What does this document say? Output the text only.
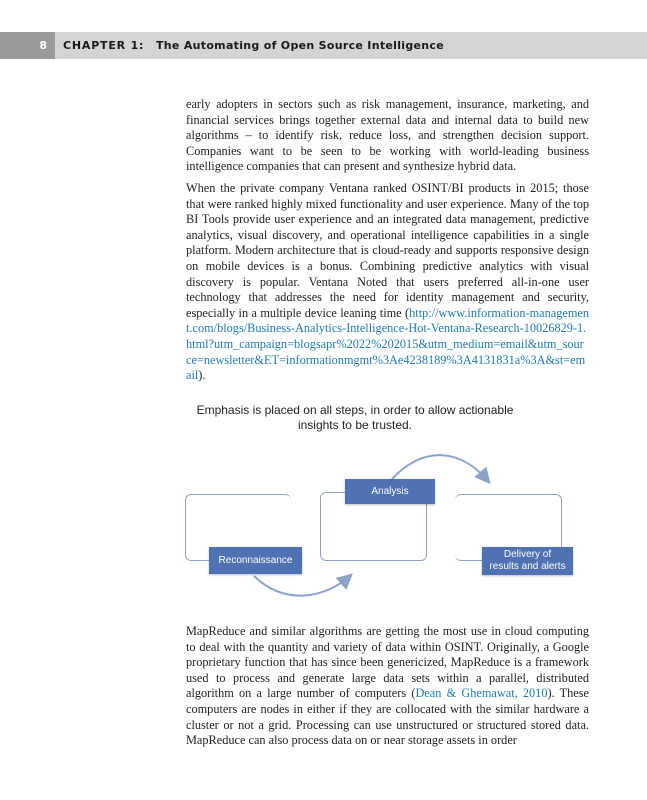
8	CHAPTER 1: The Automating of Open Source Intelligence

early adopters in sectors such as risk management, insurance, marketing, and financial services brings together external data and internal data to build new algorithms – to identify risk, reduce loss, and strengthen decision support. Companies want to be seen to be working with world-leading business intelligence companies that can present and synthesize hybrid data.

When the private company Ventana ranked OSINT/BI products in 2015; those that were ranked highly mixed functionality and user experience. Many of the top BI Tools provide user experience and an integrated data management, predictive analytics, visual discovery, and operational intelligence capabilities in a single platform. Modern architecture that is cloud-ready and supports responsive design on mobile devices is a bonus. Combining predictive analytics with visual discovery is popular. Ventana Noted that users preferred all-in-one user technology that addresses the need for identity management and security, especially in a multiple device leaning time (http://www.information-management.com/blogs/Business-Analytics-Intelligence-Hot-Ventana-Research-10026829-1.html?utm_campaign=blogsapr%2022%202015&utm_medium=email&utm_source=newsletter&ET=informationmgmt%3Ae4238189%3A4131831a%3A&st=email).

Emphasis is placed on all steps, in order to allow actionable insights to be trusted.
Analysis
Reconnaissance	Delivery of results and alerts

MapReduce and similar algorithms are getting the most use in cloud computing to deal with the quantity and variety of data within OSINT. Originally, a Google proprietary function that has since been genericized, MapReduce is a framework used to process and generate large data sets within a parallel, distributed algorithm on a large number of computers (Dean & Ghemawat, 2010). These computers are nodes in either if they are collocated with the similar hardware a cluster or not a grid. Processing can use unstructured or structured stored data. MapReduce can also process data on or near storage assets in order
